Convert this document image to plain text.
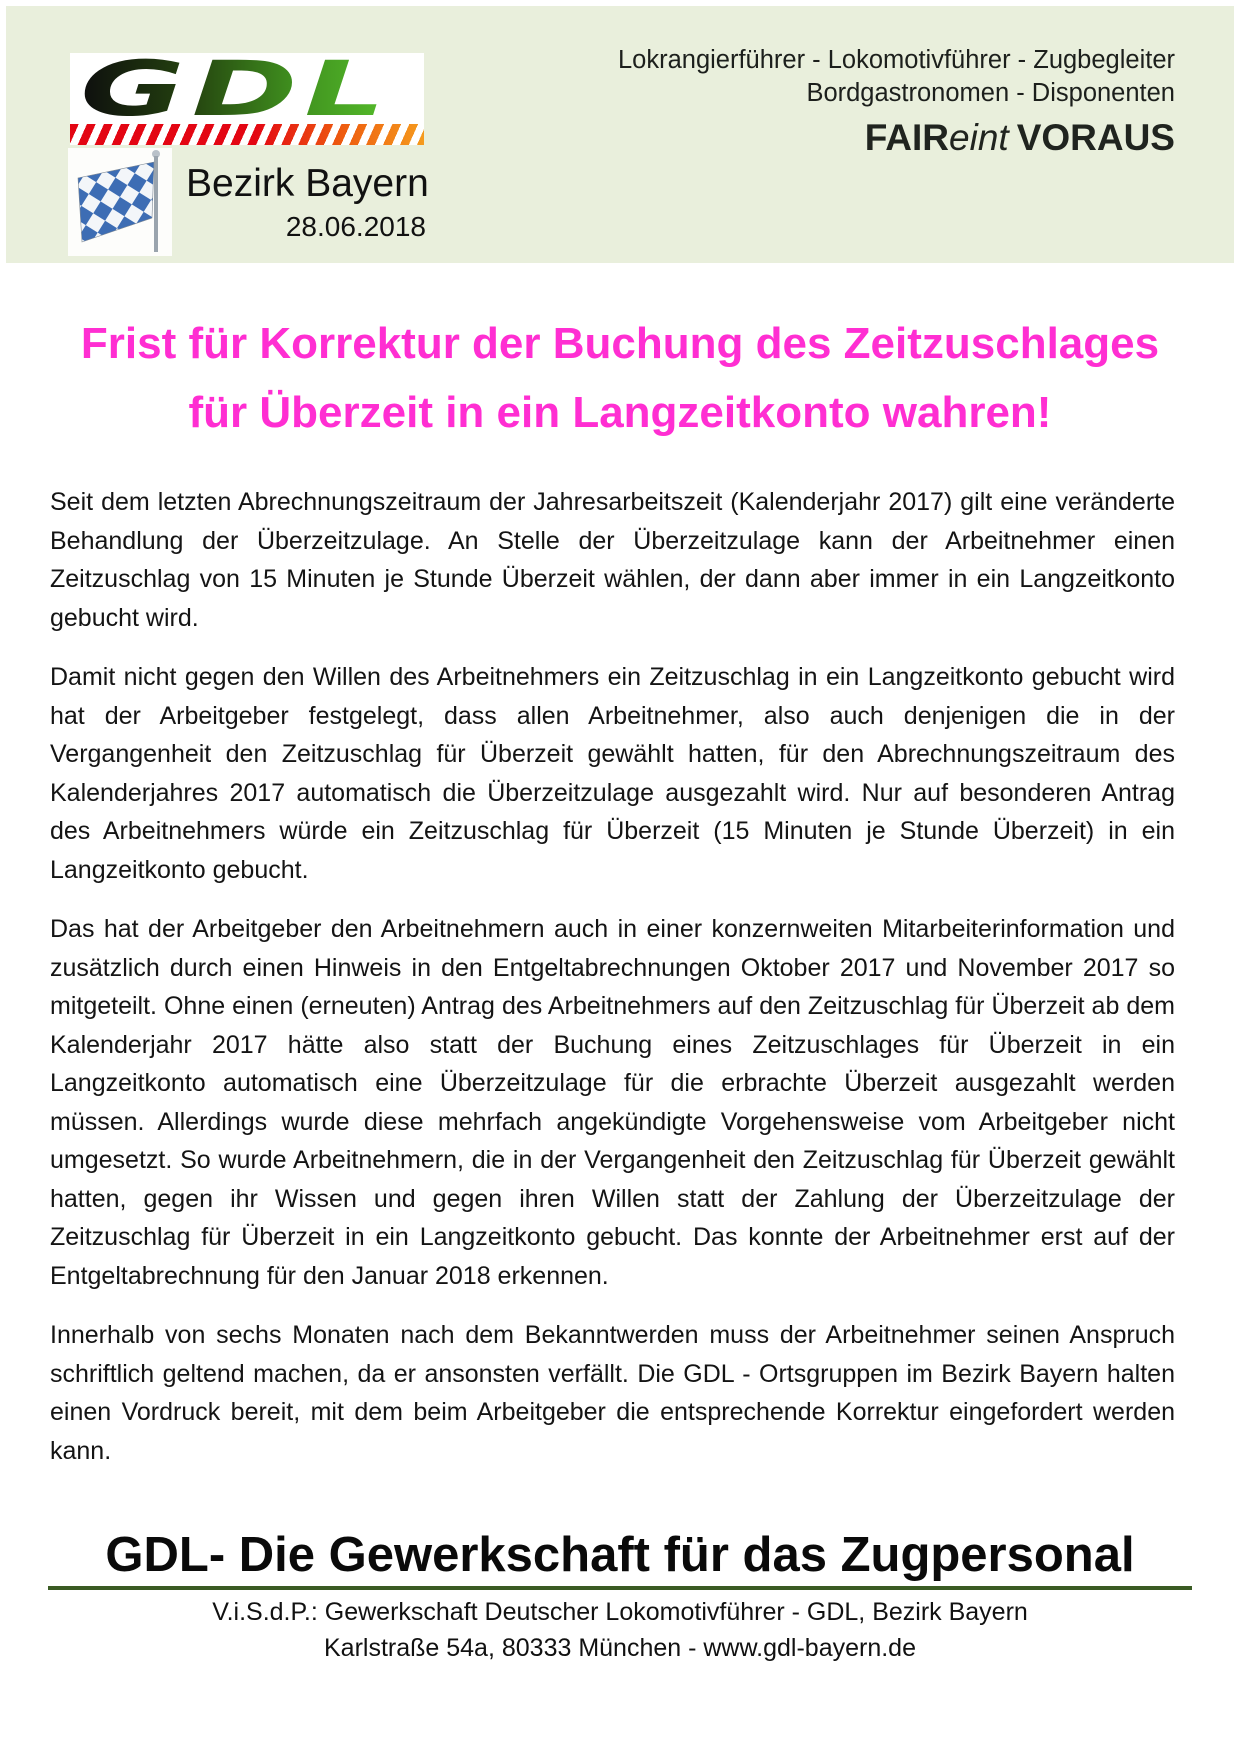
GDL
Bezirk Bayern
28.06.2018
Lokrangierführer - Lokomotivführer - Zugbegleiter
Bordgastronomen - Disponenten
FAIReint VORAUS
Frist für Korrektur der Buchung des Zeitzuschlages
für Überzeit in ein Langzeitkonto wahren!

Seit dem letzten Abrechnungszeitraum der Jahresarbeitszeit (Kalenderjahr 2017) gilt eine veränderte Behandlung der Überzeitzulage. An Stelle der Überzeitzulage kann der Arbeitnehmer einen Zeitzuschlag von 15 Minuten je Stunde Überzeit wählen, der dann aber immer in ein Langzeitkonto gebucht wird.

Damit nicht gegen den Willen des Arbeitnehmers ein Zeitzuschlag in ein Langzeitkonto gebucht wird hat der Arbeitgeber festgelegt, dass allen Arbeitnehmer, also auch denjenigen die in der Vergangenheit den Zeitzuschlag für Überzeit gewählt hatten, für den Abrechnungszeitraum des Kalenderjahres 2017 automatisch die Überzeitzulage ausgezahlt wird. Nur auf besonderen Antrag des Arbeitnehmers würde ein Zeitzuschlag für Überzeit (15 Minuten je Stunde Überzeit) in ein Langzeitkonto gebucht.

Das hat der Arbeitgeber den Arbeitnehmern auch in einer konzernweiten Mitarbeiterinformation und zusätzlich durch einen Hinweis in den Entgeltabrechnungen Oktober 2017 und November 2017 so mitgeteilt. Ohne einen (erneuten) Antrag des Arbeitnehmers auf den Zeitzuschlag für Überzeit ab dem Kalenderjahr 2017 hätte also statt der Buchung eines Zeitzuschlages für Überzeit in ein Langzeitkonto automatisch eine Überzeitzulage für die erbrachte Überzeit ausgezahlt werden müssen. Allerdings wurde diese mehrfach angekündigte Vorgehensweise vom Arbeitgeber nicht umgesetzt. So wurde Arbeitnehmern, die in der Vergangenheit den Zeitzuschlag für Überzeit gewählt hatten, gegen ihr Wissen und gegen ihren Willen statt der Zahlung der Überzeitzulage der Zeitzuschlag für Überzeit in ein Langzeitkonto gebucht. Das konnte der Arbeitnehmer erst auf der Entgeltabrechnung für den Januar 2018 erkennen.

Innerhalb von sechs Monaten nach dem Bekanntwerden muss der Arbeitnehmer seinen Anspruch schriftlich geltend machen, da er ansonsten verfällt. Die GDL - Ortsgruppen im Bezirk Bayern halten einen Vordruck bereit, mit dem beim Arbeitgeber die entsprechende Korrektur eingefordert werden kann.

GDL- Die Gewerkschaft für das Zugpersonal
V.i.S.d.P.: Gewerkschaft Deutscher Lokomotivführer - GDL, Bezirk Bayern
Karlstraße 54a, 80333 München - www.gdl-bayern.de
